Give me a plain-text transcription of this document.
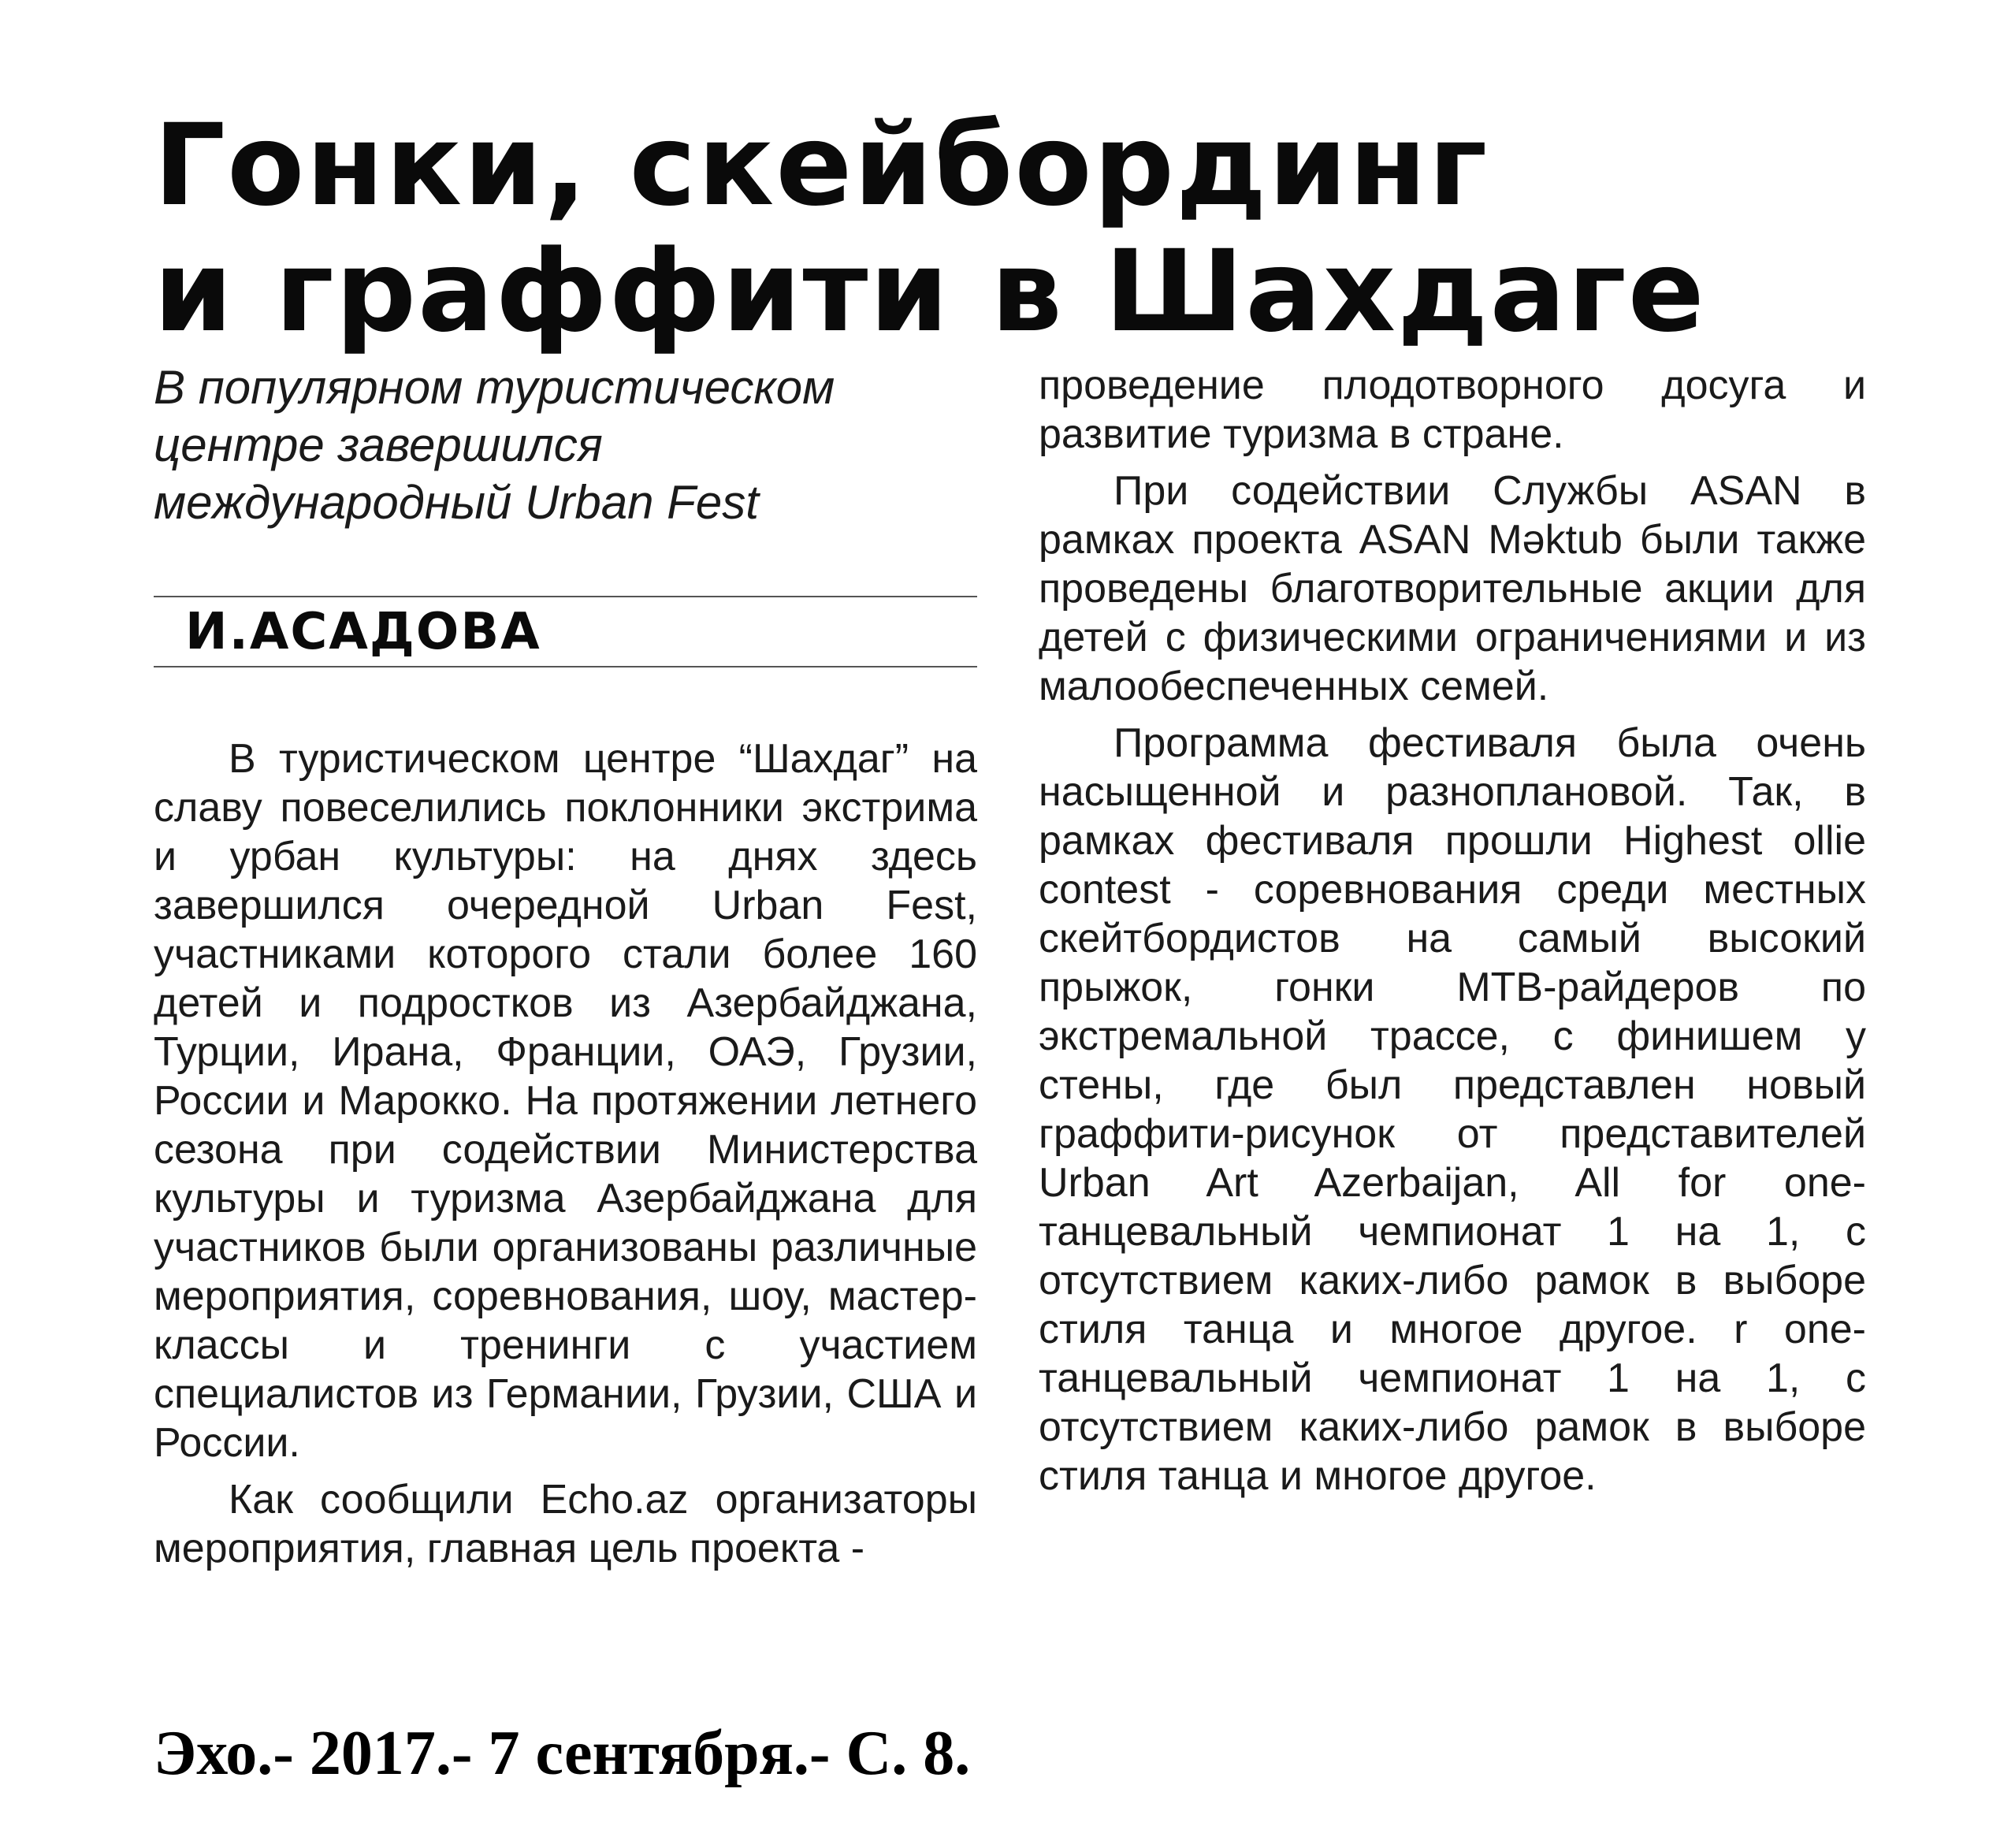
Гонки, скейбординг
и граффити в Шахдаге
В популярном туристическом
центре завершился
международный Urban Fest
И.АСАДОВА

В туристическом центре “Шахдаг” на славу повеселились поклонники экстрима и урбан культуры: на днях здесь завершился очередной Urban Fest, участниками которого стали более 160 детей и подростков из Азербайджана, Турции, Ирана, Франции, ОАЭ, Грузии, России и Марокко. На протяжении летнего сезона при содействии Министерства культуры и туризма Азербайджана для участников были организованы различные мероприятия, соревнования, шоу, мастер-классы и тренинги с участием специалистов из Германии, Грузии, США и России.

Как сообщили Echo.az организаторы мероприятия, главная цель проекта -

проведение плодотворного досуга и развитие туризма в стране.

При содействии Службы ASAN в рамках проекта ASAN Məktub были также проведены благотворительные акции для детей с физическими ограничениями и из малообеспеченных семей.

Программа фестиваля была очень насыщенной и разноплановой. Так, в рамках фестиваля прошли Highest ollie contest - соревнования среди местных скейтбордистов на самый высокий прыжок, гонки MTB-райдеров по экстремальной трассе, с финишем у стены, где был представлен новый граффити-рисунок от представителей Urban Art Azerbaijan, All for one-танцевальный чемпионат 1 на 1, с отсутствием каких-либо рамок в выборе стиля танца и многое другое. r one-танцевальный чемпионат 1 на 1, с отсутствием каких-либо рамок в выборе стиля танца и многое другое.

Эхо.- 2017.- 7 сентября.- С. 8.
